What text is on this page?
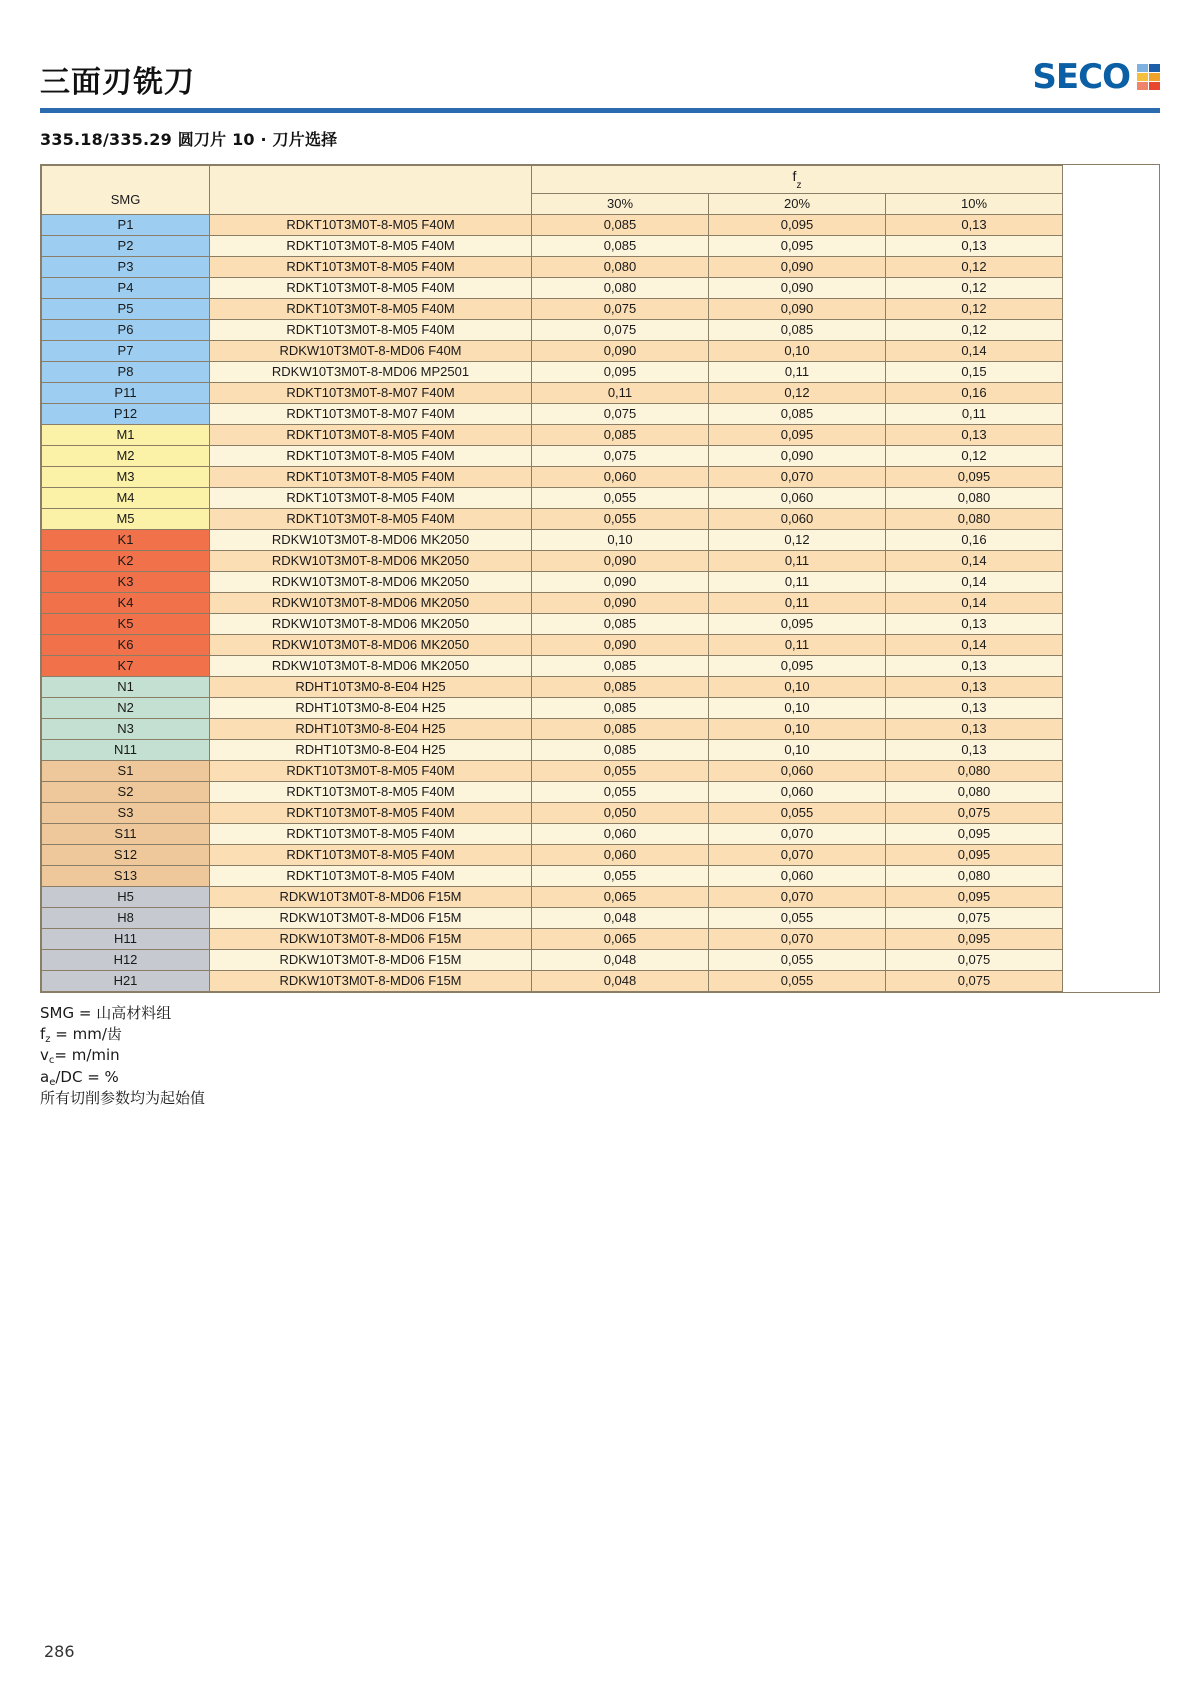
三面刃铣刀	SECO
335.18/335.29 圆刀片 10 · 刀片选择
SMG		$f_z$
		30%	20%	10%
P1	RDKT10T3M0T-8-M05 F40M	0,085	0,095	0,13
P2	RDKT10T3M0T-8-M05 F40M	0,085	0,095	0,13
P3	RDKT10T3M0T-8-M05 F40M	0,080	0,090	0,12
P4	RDKT10T3M0T-8-M05 F40M	0,080	0,090	0,12
P5	RDKT10T3M0T-8-M05 F40M	0,075	0,090	0,12
P6	RDKT10T3M0T-8-M05 F40M	0,075	0,085	0,12
P7	RDKW10T3M0T-8-MD06 F40M	0,090	0,10	0,14
P8	RDKW10T3M0T-8-MD06 MP2501	0,095	0,11	0,15
P11	RDKT10T3M0T-8-M07 F40M	0,11	0,12	0,16
P12	RDKT10T3M0T-8-M07 F40M	0,075	0,085	0,11
M1	RDKT10T3M0T-8-M05 F40M	0,085	0,095	0,13
M2	RDKT10T3M0T-8-M05 F40M	0,075	0,090	0,12
M3	RDKT10T3M0T-8-M05 F40M	0,060	0,070	0,095
M4	RDKT10T3M0T-8-M05 F40M	0,055	0,060	0,080
M5	RDKT10T3M0T-8-M05 F40M	0,055	0,060	0,080
K1	RDKW10T3M0T-8-MD06 MK2050	0,10	0,12	0,16
K2	RDKW10T3M0T-8-MD06 MK2050	0,090	0,11	0,14
K3	RDKW10T3M0T-8-MD06 MK2050	0,090	0,11	0,14
K4	RDKW10T3M0T-8-MD06 MK2050	0,090	0,11	0,14
K5	RDKW10T3M0T-8-MD06 MK2050	0,085	0,095	0,13
K6	RDKW10T3M0T-8-MD06 MK2050	0,090	0,11	0,14
K7	RDKW10T3M0T-8-MD06 MK2050	0,085	0,095	0,13
N1	RDHT10T3M0-8-E04 H25	0,085	0,10	0,13
N2	RDHT10T3M0-8-E04 H25	0,085	0,10	0,13
N3	RDHT10T3M0-8-E04 H25	0,085	0,10	0,13
N11	RDHT10T3M0-8-E04 H25	0,085	0,10	0,13
S1	RDKT10T3M0T-8-M05 F40M	0,055	0,060	0,080
S2	RDKT10T3M0T-8-M05 F40M	0,055	0,060	0,080
S3	RDKT10T3M0T-8-M05 F40M	0,050	0,055	0,075
S11	RDKT10T3M0T-8-M05 F40M	0,060	0,070	0,095
S12	RDKT10T3M0T-8-M05 F40M	0,060	0,070	0,095
S13	RDKT10T3M0T-8-M05 F40M	0,055	0,060	0,080
H5	RDKW10T3M0T-8-MD06 F15M	0,065	0,070	0,095
H8	RDKW10T3M0T-8-MD06 F15M	0,048	0,055	0,075
H11	RDKW10T3M0T-8-MD06 F15M	0,065	0,070	0,095
H12	RDKW10T3M0T-8-MD06 F15M	0,048	0,055	0,075
H21	RDKW10T3M0T-8-MD06 F15M	0,048	0,055	0,075
SMG = 山高材料组
$f_z = mm/$齿
$v_c= m/\min$
$a_e/DC$ = %
所有切削参数均为起始值
286
